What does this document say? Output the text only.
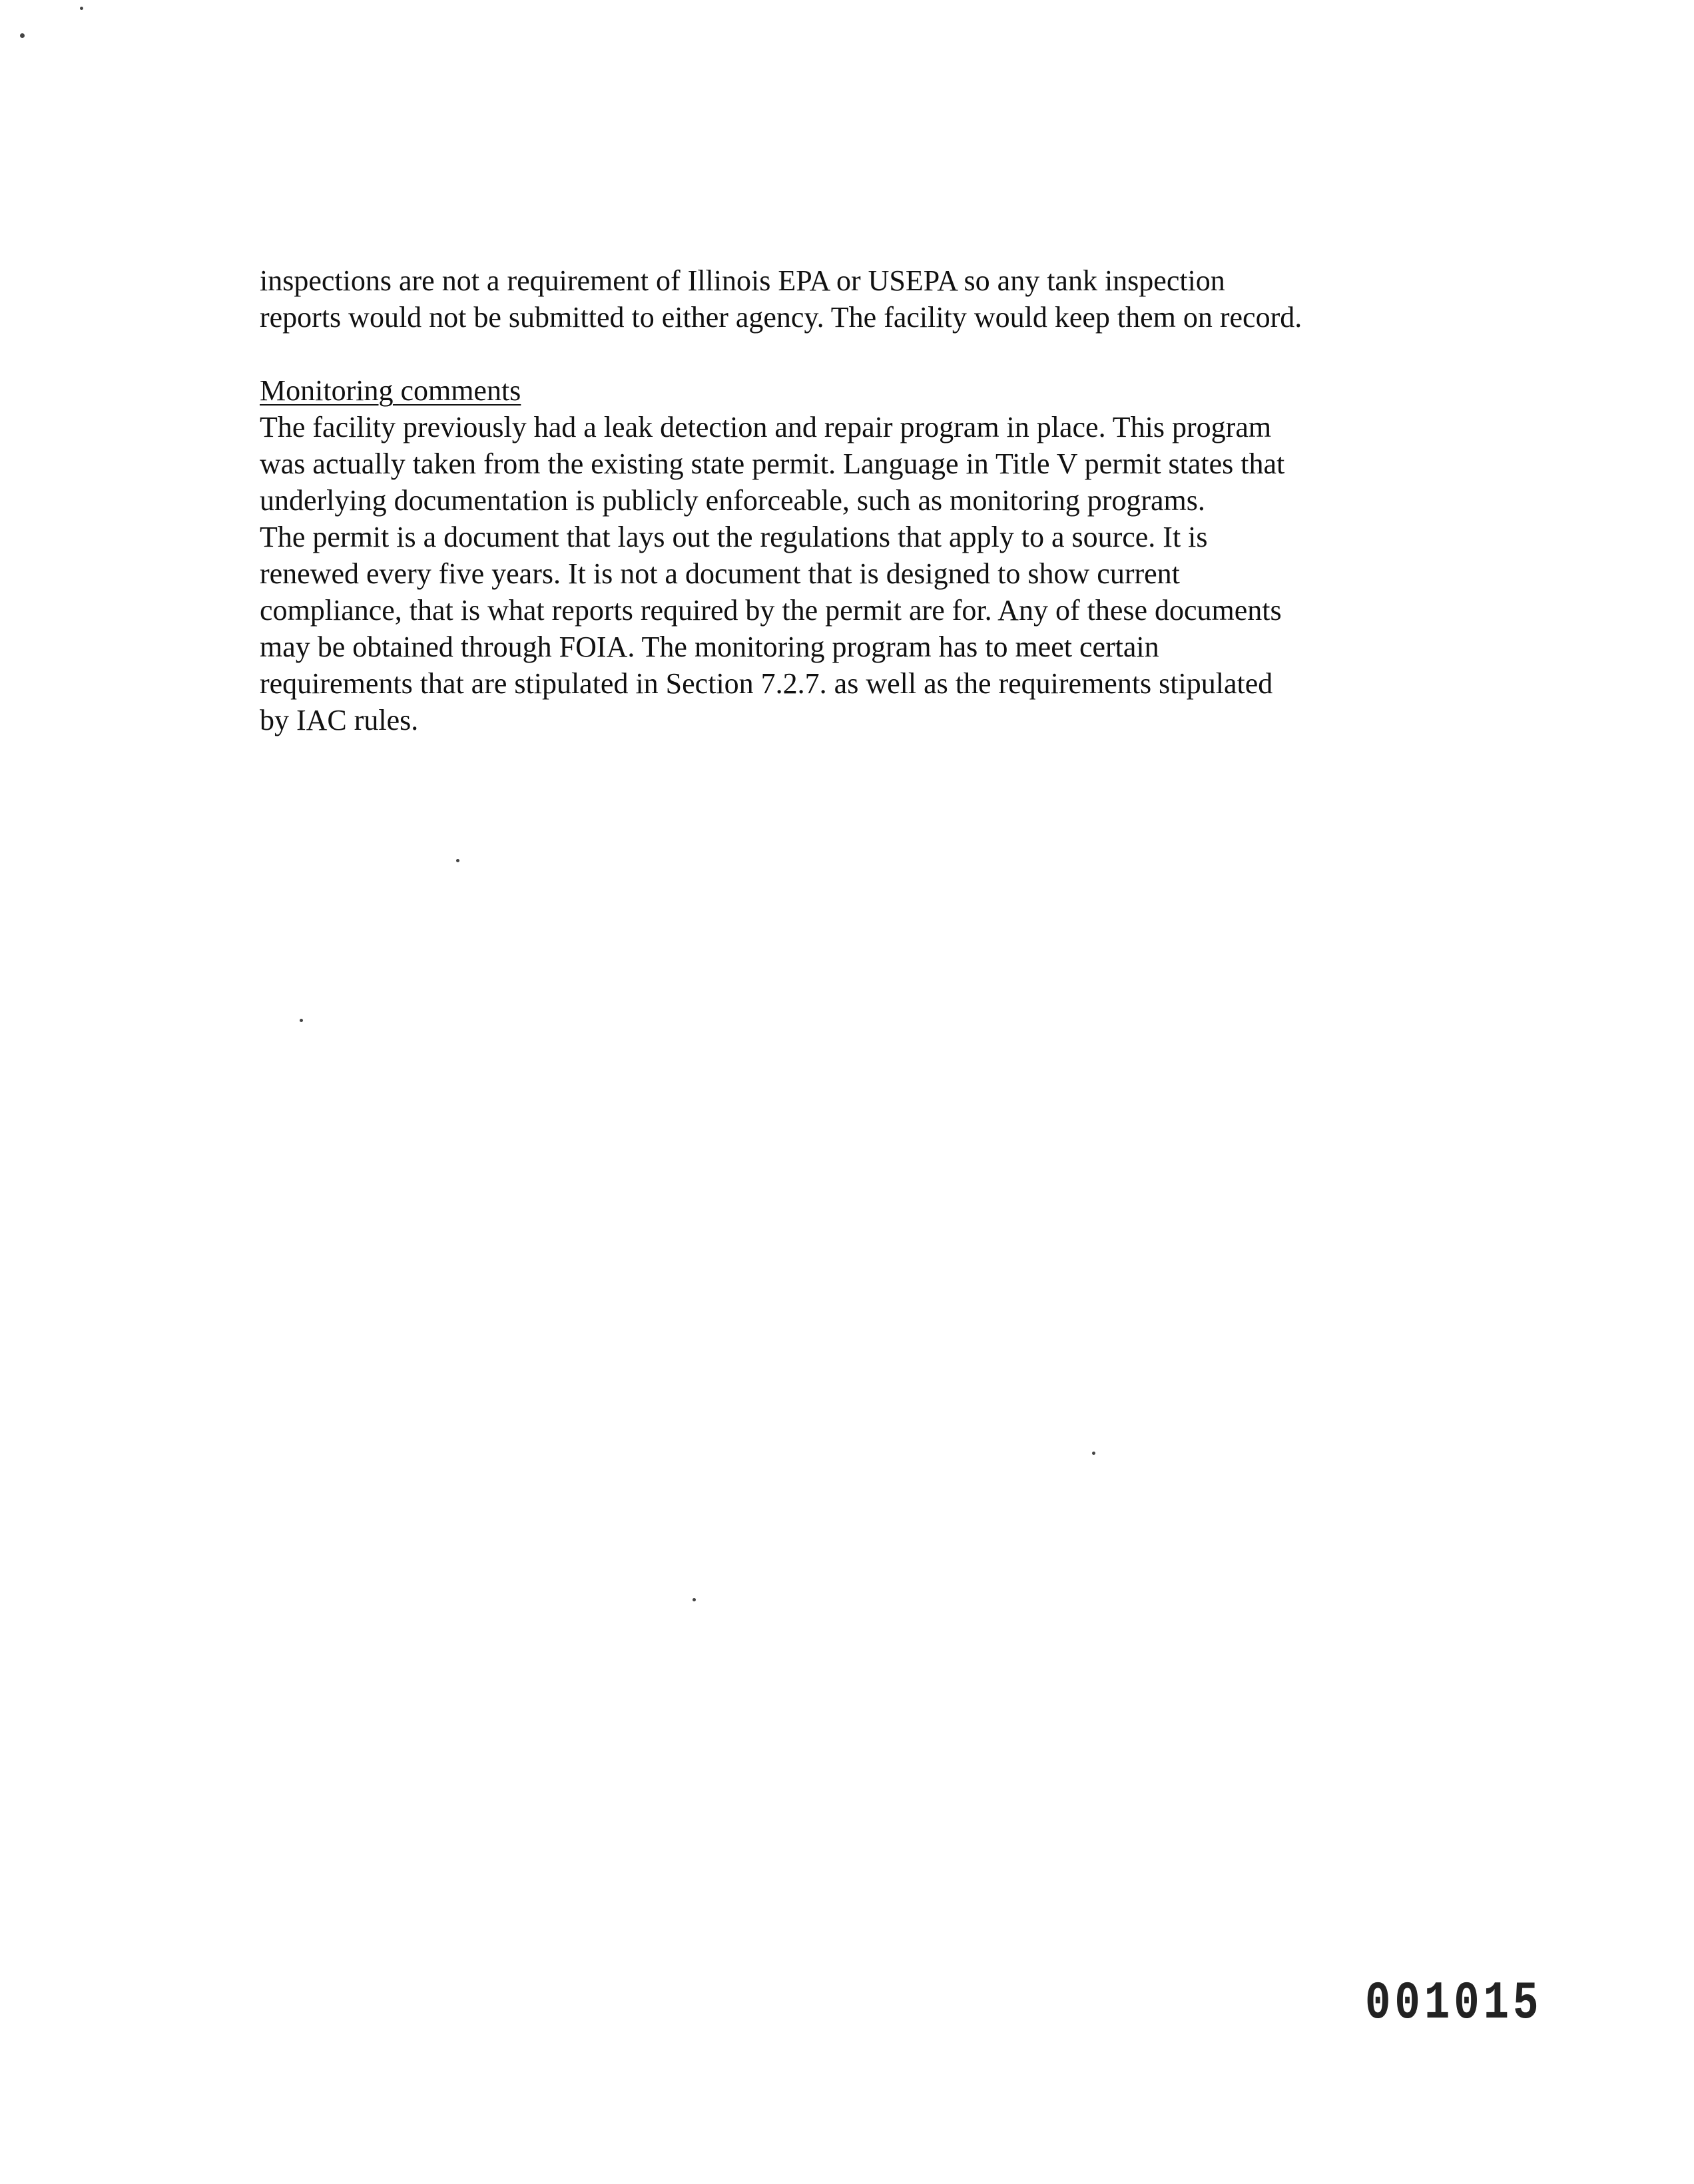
inspections are not a requirement of Illinois EPA or USEPA so any tank inspection
reports would not be submitted to either agency. The facility would keep them on record.
Monitoring comments
The facility previously had a leak detection and repair program in place. This program
was actually taken from the existing state permit. Language in Title V permit states that
underlying documentation is publicly enforceable, such as monitoring programs.
The permit is a document that lays out the regulations that apply to a source. It is
renewed every five years. It is not a document that is designed to show current
compliance, that is what reports required by the permit are for. Any of these documents
may be obtained through FOIA. The monitoring program has to meet certain
requirements that are stipulated in Section 7.2.7. as well as the requirements stipulated
by IAC rules.
001015
